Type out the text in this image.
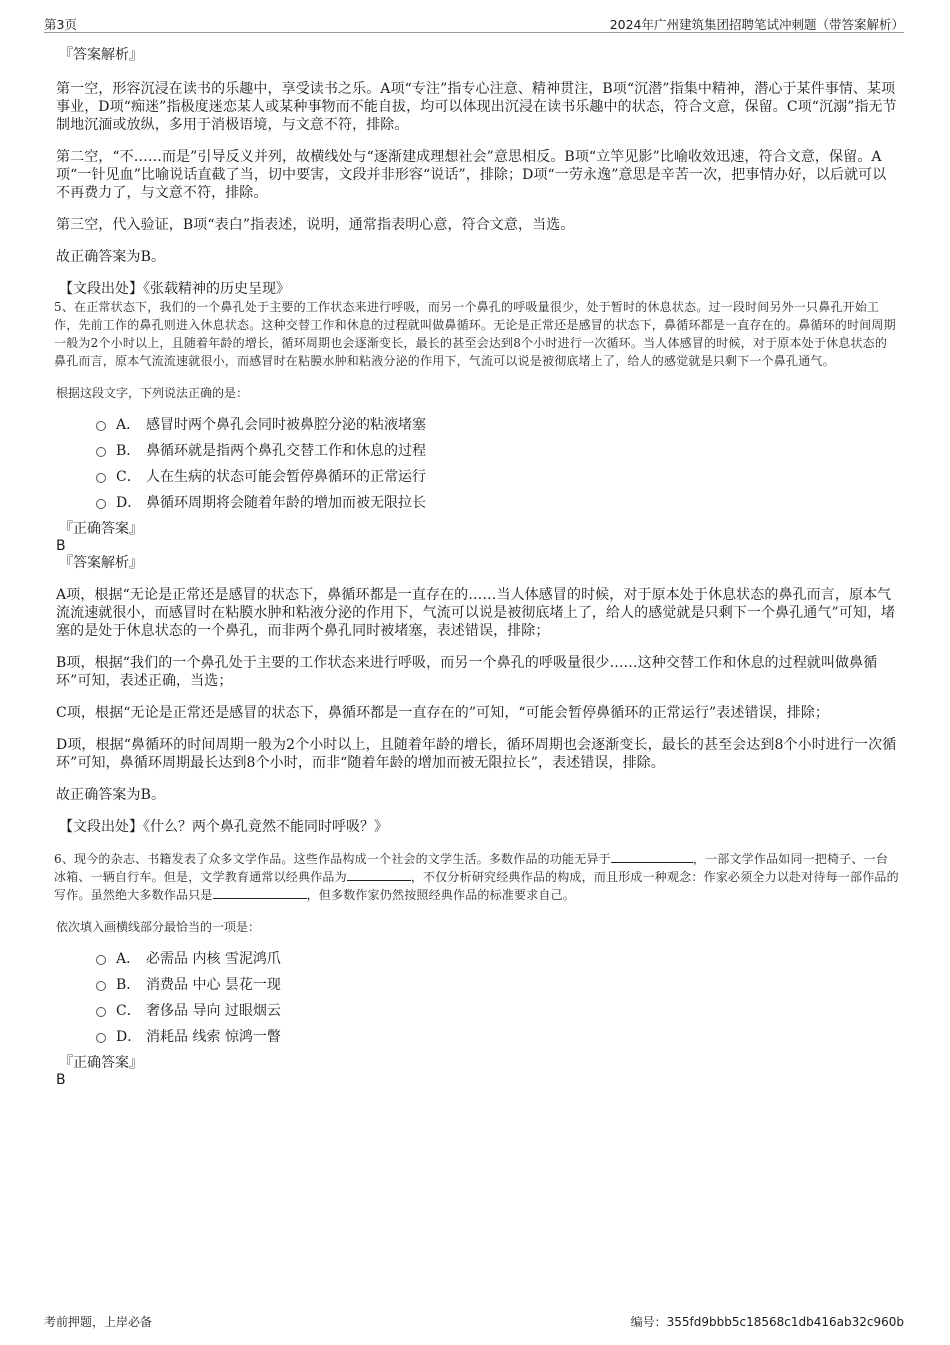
第3页	2024年广州建筑集团招聘笔试冲刺题（带答案解析）

『答案解析』

第一空，形容沉浸在读书的乐趣中，享受读书之乐。A项“专注”指专心注意、精神贯注，B项“沉潜”指集中精神，潜心于某件事情、某项事业，D项“痴迷”指极度迷恋某人或某种事物而不能自拔，均可以体现出沉浸在读书乐趣中的状态，符合文意，保留。C项“沉溺”指无节制地沉湎或放纵，多用于消极语境，与文意不符，排除。

第二空，“不……而是”引导反义并列，故横线处与“逐渐建成理想社会”意思相反。B项“立竿见影”比喻收效迅速，符合文意，保留。A项“一针见血”比喻说话直截了当，切中要害，文段并非形容“说话”，排除；D项“一劳永逸”意思是辛苦一次，把事情办好，以后就可以不再费力了，与文意不符，排除。

第三空，代入验证，B项“表白”指表述，说明，通常指表明心意，符合文意，当选。

故正确答案为B。

【文段出处】《张载精神的历史呈现》

5、在正常状态下，我们的一个鼻孔处于主要的工作状态来进行呼吸，而另一个鼻孔的呼吸量很少，处于暂时的休息状态。过一段时间另外一只鼻孔开始工作，先前工作的鼻孔则进入休息状态。这种交替工作和休息的过程就叫做鼻循环。无论是正常还是感冒的状态下，鼻循环都是一直存在的。鼻循环的时间周期一般为2个小时以上，且随着年龄的增长，循环周期也会逐渐变长，最长的甚至会达到8个小时进行一次循环。当人体感冒的时候，对于原本处于休息状态的鼻孔而言，原本气流流速就很小，而感冒时在粘膜水肿和粘液分泌的作用下，气流可以说是被彻底堵上了，给人的感觉就是只剩下一个鼻孔通气。

根据这段文字，下列说法正确的是：

A． 感冒时两个鼻孔会同时被鼻腔分泌的粘液堵塞
B． 鼻循环就是指两个鼻孔交替工作和休息的过程
C． 人在生病的状态可能会暂停鼻循环的正常运行
D． 鼻循环周期将会随着年龄的增加而被无限拉长

『正确答案』

B

『答案解析』

A项，根据“无论是正常还是感冒的状态下，鼻循环都是一直存在的……当人体感冒的时候，对于原本处于休息状态的鼻孔而言，原本气流流速就很小，而感冒时在粘膜水肿和粘液分泌的作用下，气流可以说是被彻底堵上了，给人的感觉就是只剩下一个鼻孔通气”可知，堵塞的是处于休息状态的一个鼻孔，而非两个鼻孔同时被堵塞，表述错误，排除；

B项，根据“我们的一个鼻孔处于主要的工作状态来进行呼吸，而另一个鼻孔的呼吸量很少……这种交替工作和休息的过程就叫做鼻循环”可知，表述正确，当选；

C项，根据“无论是正常还是感冒的状态下，鼻循环都是一直存在的”可知，“可能会暂停鼻循环的正常运行”表述错误，排除；

D项，根据“鼻循环的时间周期一般为2个小时以上，且随着年龄的增长，循环周期也会逐渐变长，最长的甚至会达到8个小时进行一次循环”可知，鼻循环周期最长达到8个小时，而非“随着年龄的增加而被无限拉长”，表述错误，排除。

故正确答案为B。

【文段出处】《什么？两个鼻孔竟然不能同时呼吸？》

6、现今的杂志、书籍发表了众多文学作品。这些作品构成一个社会的文学生活。多数作品的功能无异于	，一部文学作品如同一把椅子、一台冰箱、一辆自行车。但是，文学教育通常以经典作品为	，不仅分析研究经典作品的构成，而且形成一种观念：作家必须全力以赴对待每一部作品的写作。虽然绝大多数作品只是	，但多数作家仍然按照经典作品的标准要求自己。

依次填入画横线部分最恰当的一项是：

A． 必需品 内核 雪泥鸿爪
B． 消费品 中心 昙花一现
C． 奢侈品 导向 过眼烟云
D． 消耗品 线索 惊鸿一瞥

『正确答案』

B

考前押题，上岸必备	编号：355fd9bbb5c18568c1db416ab32c960b
